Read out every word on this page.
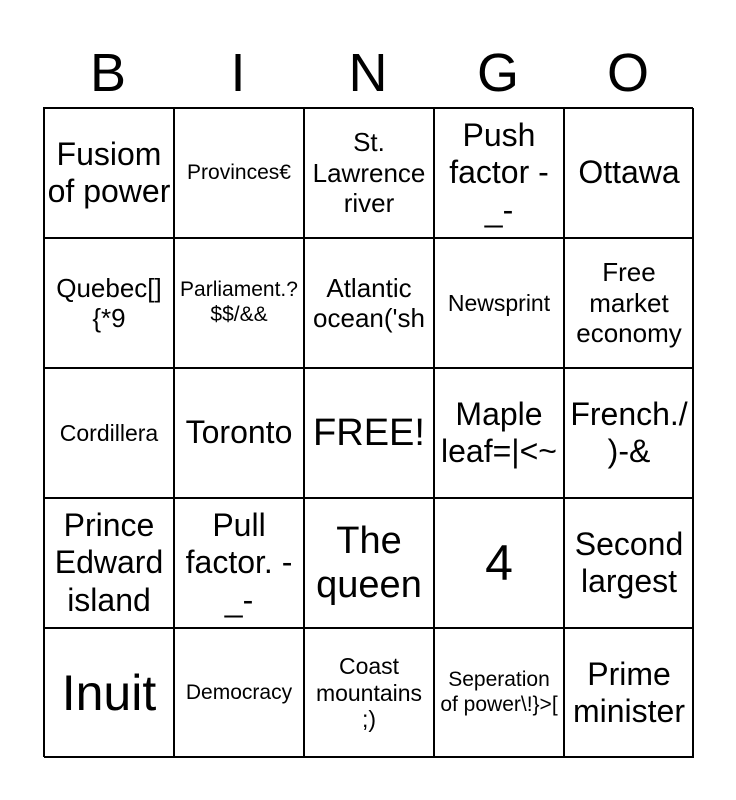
B	I	N	G	O
Fusiom of power
Provinces€
St. Lawrence river
Push factor - _-
Ottawa
Quebec[]{*9
Parliament.?$$/&&
Atlantic ocean('sh
Newsprint
Free market economy
Cordillera Toronto FREE! Maple leaf=|<~
French./)-&
Prince Edward island
Pull factor. -_-
The queen	4	Second largest
Inuit	Democracy
Coast mountains ;)
Seperation of power\!}>[
Prime minister
